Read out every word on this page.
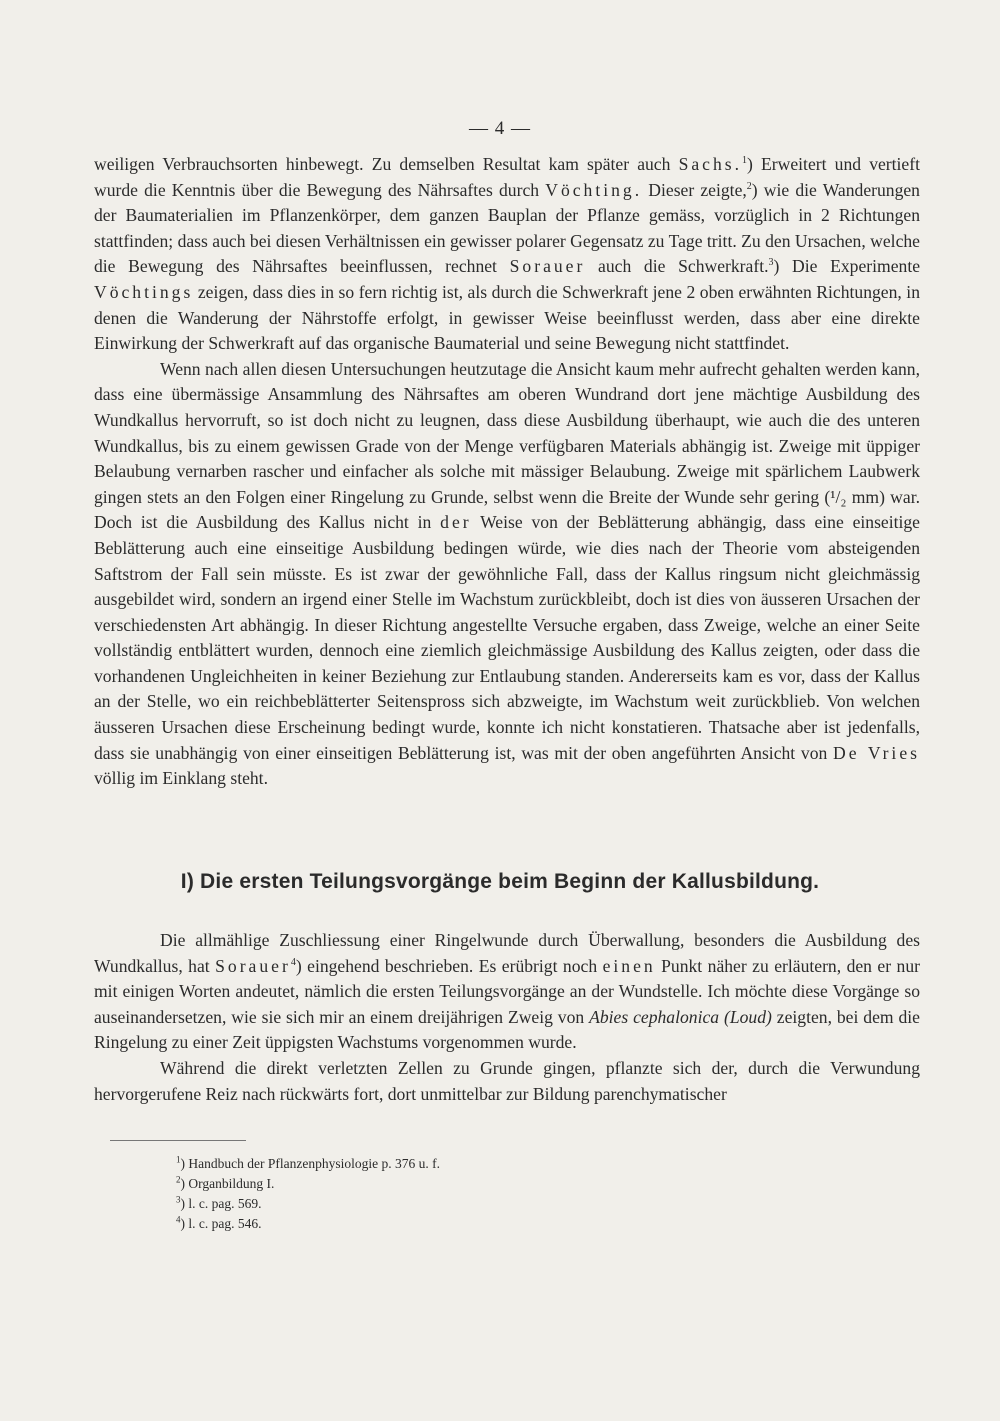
— 4 —

weiligen Verbrauchsorten hinbewegt. Zu demselben Resultat kam später auch Sachs.$^1$) Erweitert und vertieft wurde die Kenntnis über die Bewegung des Nährsaftes durch Vöchting. Dieser zeigte,$^2$) wie die Wanderungen der Baumaterialien im Pflanzenkörper, dem ganzen Bauplan der Pflanze gemäss, vorzüglich in 2 Richtungen stattfinden; dass auch bei diesen Verhältnissen ein gewisser polarer Gegensatz zu Tage tritt. Zu den Ursachen, welche die Bewegung des Nährsaftes beeinflussen, rechnet Sorauer auch die Schwerkraft.$^3$) Die Experimente Vöchtings zeigen, dass dies in so fern richtig ist, als durch die Schwerkraft jene 2 oben erwähnten Richtungen, in denen die Wanderung der Nährstoffe erfolgt, in gewisser Weise beeinflusst werden, dass aber eine direkte Einwirkung der Schwerkraft auf das organische Baumaterial und seine Bewegung nicht stattfindet.

Wenn nach allen diesen Untersuchungen heutzutage die Ansicht kaum mehr aufrecht gehalten werden kann, dass eine übermässige Ansammlung des Nährsaftes am oberen Wundrand dort jene mächtige Ausbildung des Wundkallus hervorruft, so ist doch nicht zu leugnen, dass diese Ausbildung überhaupt, wie auch die des unteren Wundkallus, bis zu einem gewissen Grade von der Menge verfügbaren Materials abhängig ist. Zweige mit üppiger Belaubung vernarben rascher und einfacher als solche mit mässiger Belaubung. Zweige mit spärlichem Laubwerk gingen stets an den Folgen einer Ringelung zu Grunde, selbst wenn die Breite der Wunde sehr gering (¹/₂ mm) war. Doch ist die Ausbildung des Kallus nicht in der Weise von der Beblätterung abhängig, dass eine einseitige Beblätterung auch eine einseitige Ausbildung bedingen würde, wie dies nach der Theorie vom absteigenden Saftstrom der Fall sein müsste. Es ist zwar der gewöhnliche Fall, dass der Kallus ringsum nicht gleichmässig ausgebildet wird, sondern an irgend einer Stelle im Wachstum zurückbleibt, doch ist dies von äusseren Ursachen der verschiedensten Art abhängig. In dieser Richtung angestellte Versuche ergaben, dass Zweige, welche an einer Seite vollständig entblättert wurden, dennoch eine ziemlich gleichmässige Ausbildung des Kallus zeigten, oder dass die vorhandenen Ungleichheiten in keiner Beziehung zur Entlaubung standen. Andererseits kam es vor, dass der Kallus an der Stelle, wo ein reichbeblätterter Seitenspross sich abzweigte, im Wachstum weit zurückblieb. Von welchen äusseren Ursachen diese Erscheinung bedingt wurde, konnte ich nicht konstatieren. Thatsache aber ist jedenfalls, dass sie unabhängig von einer einseitigen Beblätterung ist, was mit der oben angeführten Ansicht von De Vries völlig im Einklang steht.

I) Die ersten Teilungsvorgänge beim Beginn der Kallusbildung.

Die allmählige Zuschliessung einer Ringelwunde durch Überwallung, besonders die Ausbildung des Wundkallus, hat Sorauer$^4$) eingehend beschrieben. Es erübrigt noch einen Punkt näher zu erläutern, den er nur mit einigen Worten andeutet, nämlich die ersten Teilungsvorgänge an der Wundstelle. Ich möchte diese Vorgänge so auseinandersetzen, wie sie sich mir an einem dreijährigen Zweig von Abies cephalonica (Loud) zeigten, bei dem die Ringelung zu einer Zeit üppigsten Wachstums vorgenommen wurde.

Während die direkt verletzten Zellen zu Grunde gingen, pflanzte sich der, durch die Verwundung hervorgerufene Reiz nach rückwärts fort, dort unmittelbar zur Bildung parenchymatischer

$^1$) Handbuch der Pflanzenphysiologie p. 376 u. f.
$^2$) Organbildung I.
$^3$) l. c. pag. 569.
$^4$) l. c. pag. 546.
